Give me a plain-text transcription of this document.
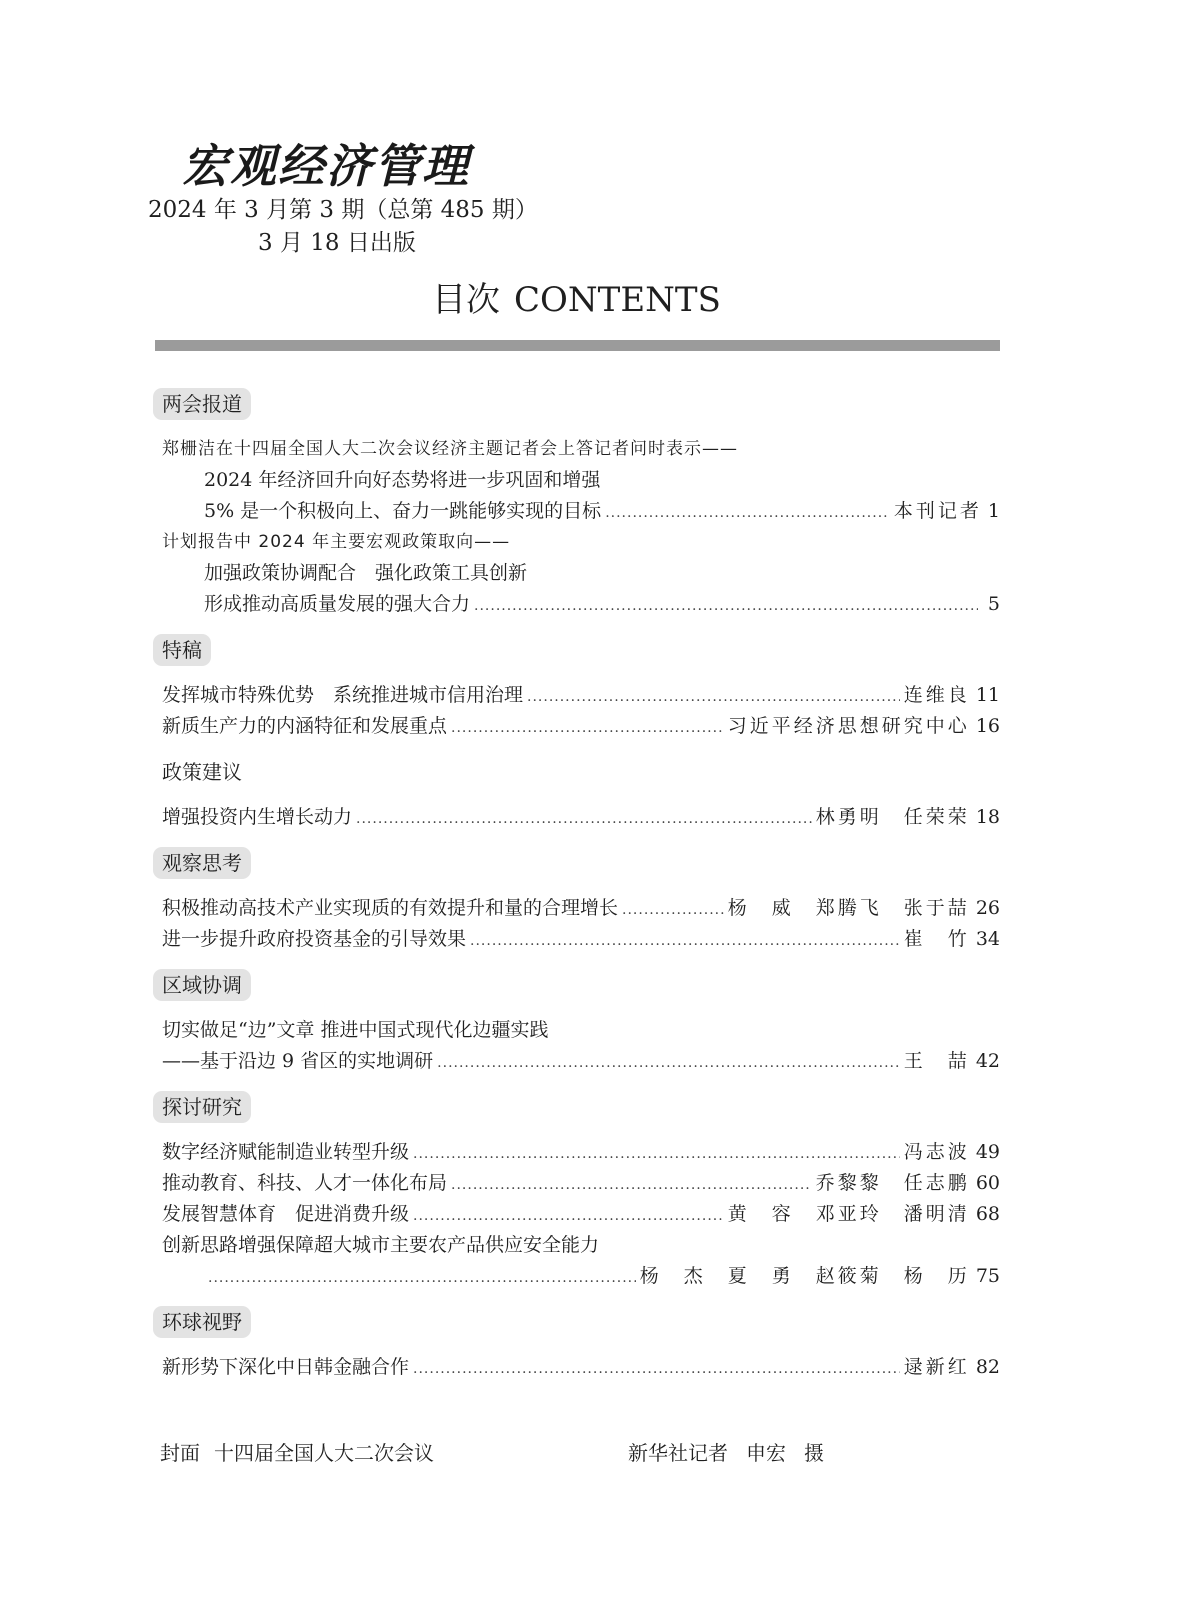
宏观经济管理
2024 年 3 月第 3 期（总第 485 期）
3 月 18 日出版
目次 CONTENTS
两会报道
郑栅洁在十四届全国人大二次会议经济主题记者会上答记者问时表示——
2024 年经济回升向好态势将进一步巩固和增强
5% 是一个积极向上、奋力一跳能够实现的目标 .....	本刊记者 1
计划报告中 2024 年主要宏观政策取向——
加强政策协调配合　强化政策工具创新
形成推动高质量发展的强大合力 .....	5
特稿
发挥城市特殊优势　系统推进城市信用治理 .....	连维良 11
新质生产力的内涵特征和发展重点 .....	习近平经济思想研究中心 16
政策建议
增强投资内生增长动力 .....	林勇明　任荣荣 18
观察思考
积极推动高技术产业实现质的有效提升和量的合理增长 .....	杨　威　郑腾飞　张于喆 26
进一步提升政府投资基金的引导效果 .....	崔　竹 34
区域协调
切实做足“边”文章 推进中国式现代化边疆实践
——基于沿边 9 省区的实地调研 .....	王　喆 42
探讨研究
数字经济赋能制造业转型升级 .....	冯志波 49
推动教育、科技、人才一体化布局 .....	乔黎黎　任志鹏 60
发展智慧体育　促进消费升级 .....	黄　容　邓亚玲　潘明清 68
创新思路增强保障超大城市主要农产品供应安全能力
.....
杨　杰　夏　勇　赵筱菊　杨　历 75
环球视野
新形势下深化中日韩金融合作 .....	逯新红 82
封面 十四届全国人大二次会议	新华社记者 申宏 摄
